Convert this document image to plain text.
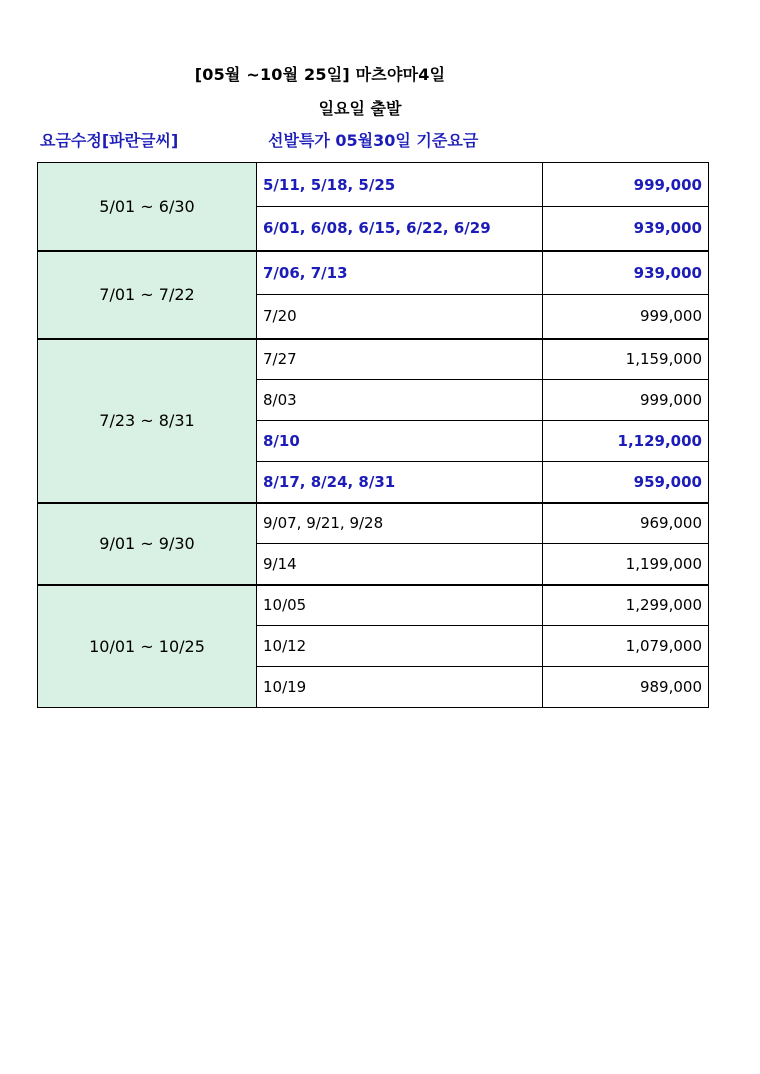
[05월 ~10월 25일] 마츠야마4일
일요일 출발
요금수정[파란글씨]	선발특가 05월30일 기준요금
5/01 ~ 6/30	5/11, 5/18, 5/25	999,000
	6/01, 6/08, 6/15, 6/22, 6/29	939,000
7/01 ~ 7/22	7/06, 7/13	939,000
	7/20	999,000
7/23 ~ 8/31	7/27	1,159,000
	8/03	999,000
	8/10	1,129,000
	8/17, 8/24, 8/31	959,000
9/01 ~ 9/30	9/07, 9/21, 9/28	969,000
	9/14	1,199,000
10/01 ~ 10/25	10/05	1,299,000
	10/12	1,079,000
	10/19	989,000
